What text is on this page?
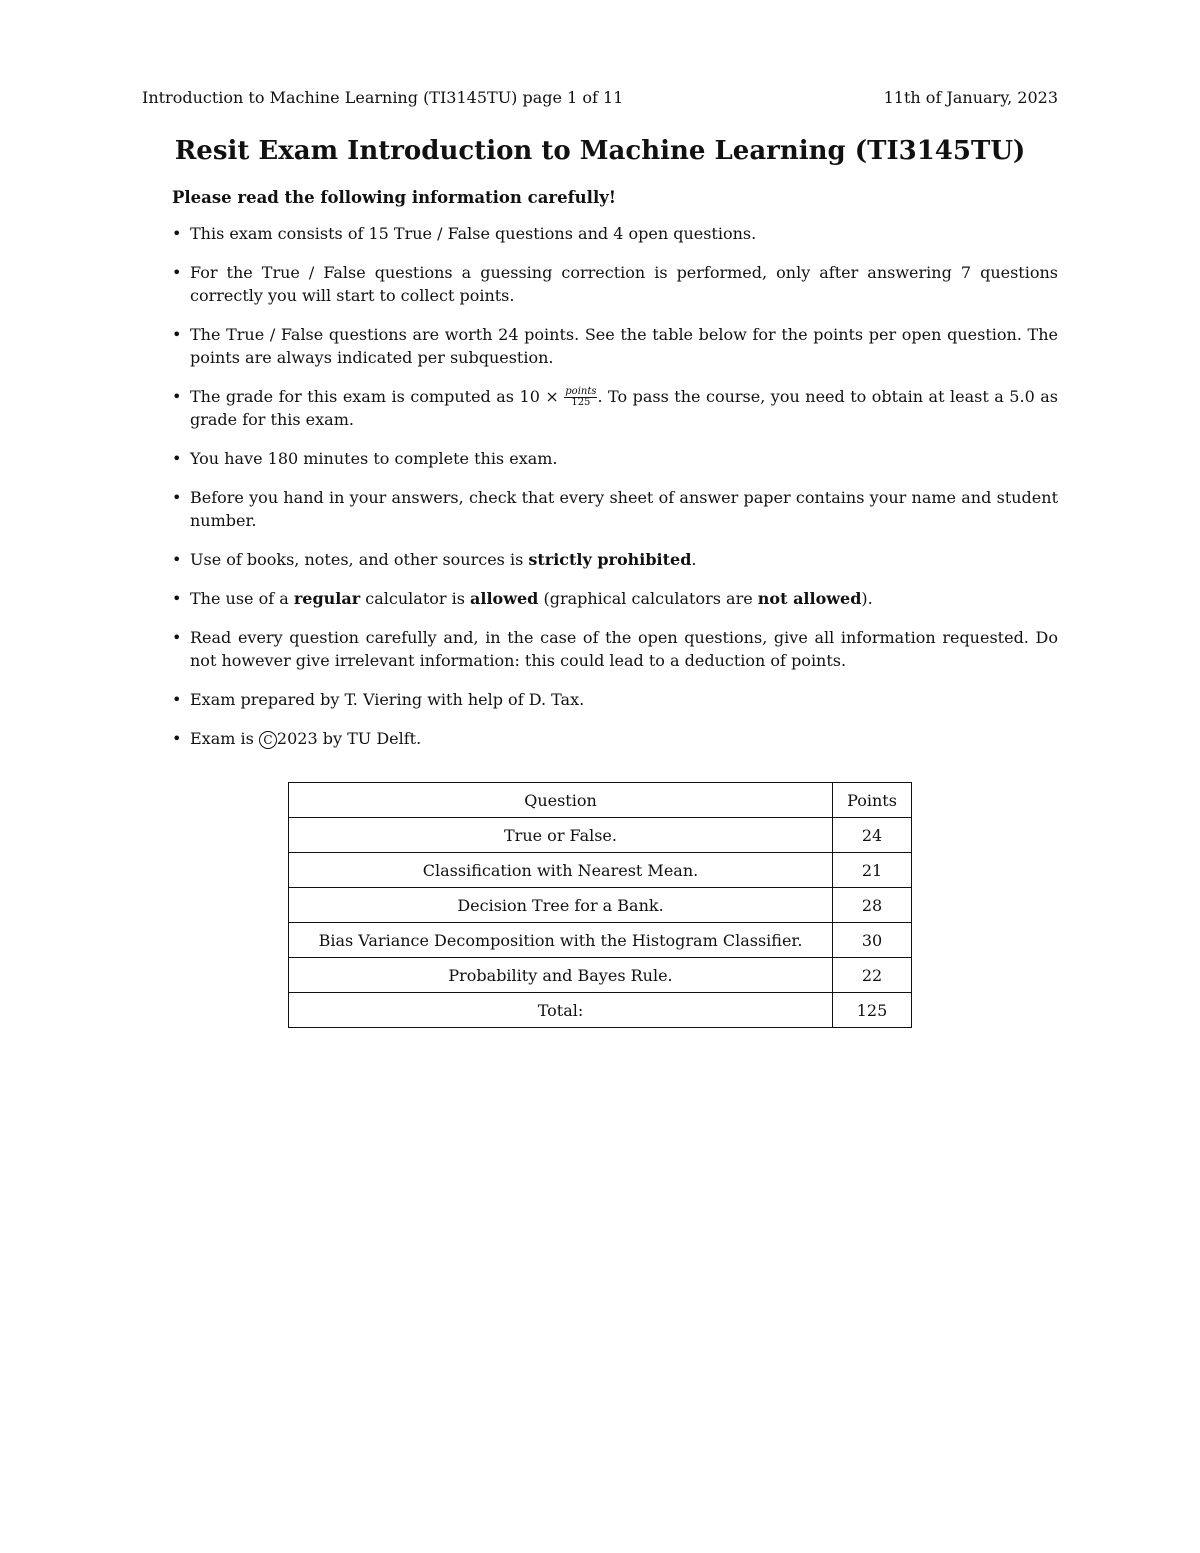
Introduction to Machine Learning (TI3145TU) page 1 of 11	11th of January, 2023
Resit Exam Introduction to Machine Learning (TI3145TU)

Please read the following information carefully!

• This exam consists of 15 True / False questions and 4 open questions.
• For the True / False questions a guessing correction is performed, only after answering 7 questions correctly you will start to collect points.
• The True / False questions are worth 24 points. See the table below for the points per open question. The points are always indicated per subquestion.
• The grade for this exam is computed as $10 \times \frac{\text{points}}{125}$ . To pass the course, you need to obtain at least a 5.0 as grade for this exam.
• You have 180 minutes to complete this exam.
• Before you hand in your answers, check that every sheet of answer paper contains your name and student number.
• Use of books, notes, and other sources is strictly prohibited.
• The use of a regular calculator is allowed (graphical calculators are not allowed).
• Read every question carefully and, in the case of the open questions, give all information requested. Do not however give irrelevant information: this could lead to a deduction of points.
• Exam prepared by T. Viering with help of D. Tax.
• Exam is C 2023 by TU Delft.
Question	Points
True or False.	24
Classification with Nearest Mean.	21
Decision Tree for a Bank.	28
Bias Variance Decomposition with the Histogram Classifier.	30
Probability and Bayes Rule.	22
Total:	125
